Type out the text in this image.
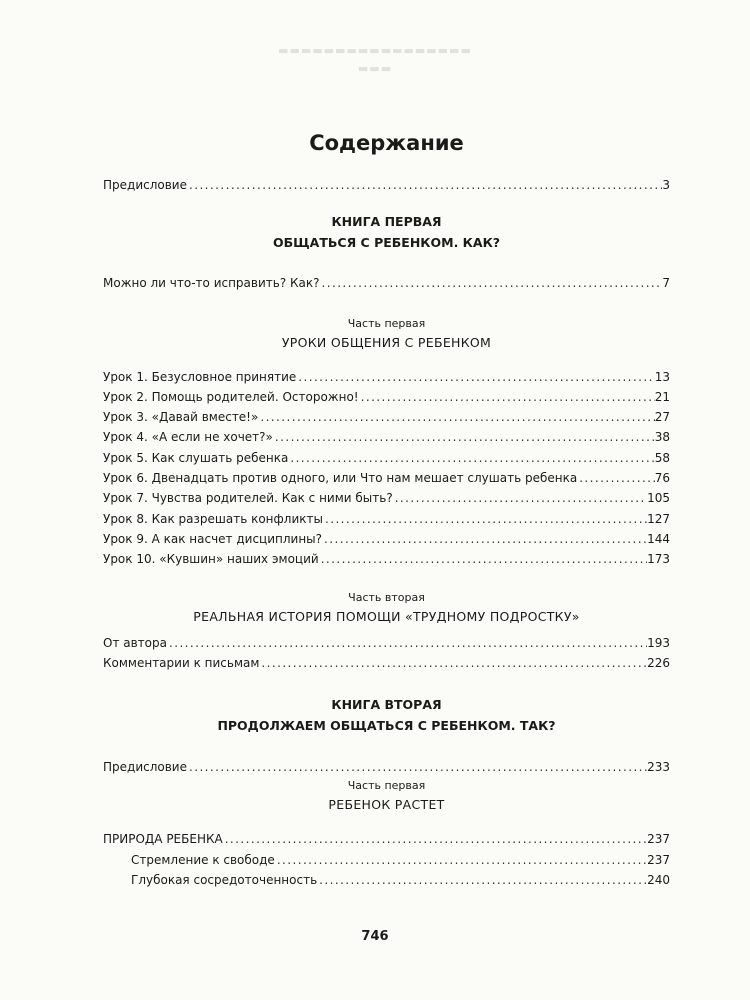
▬▬▬▬▬▬▬▬▬▬▬▬▬▬▬▬▬
▬▬▬
Содержание
Предисловие . . .	3
КНИГА ПЕРВАЯ
ОБЩАТЬСЯ С РЕБЕНКОМ. КАК?
Можно ли что-то исправить? Как? . . .	7
Часть первая
УРОКИ ОБЩЕНИЯ С РЕБЕНКОМ
Урок 1. Безусловное принятие . . .	13
Урок 2. Помощь родителей. Осторожно! . . .	21
Урок 3. «Давай вместе!» . . .	27
Урок 4. «А если не хочет?» . . .	38
Урок 5. Как слушать ребенка . . .	58
Урок 6. Двенадцать против одного, или Что нам мешает слушать ребенка . . .	76
Урок 7. Чувства родителей. Как с ними быть? . . .	105
Урок 8. Как разрешать конфликты . . .	127
Урок 9. А как насчет дисциплины? . . .	144
Урок 10. «Кувшин» наших эмоций . . .	173
Часть вторая
РЕАЛЬНАЯ ИСТОРИЯ ПОМОЩИ «ТРУДНОМУ ПОДРОСТКУ»
От автора . . .	193
Комментарии к письмам . . .	226
КНИГА ВТОРАЯ
ПРОДОЛЖАЕМ ОБЩАТЬСЯ С РЕБЕНКОМ. ТАК?
Предисловие . . .	233
Часть первая
РЕБЕНОК РАСТЕТ
ПРИРОДА РЕБЕНКА . . .	237
Стремление к свободе . . .	237
Глубокая сосредоточенность . . .	240
746
